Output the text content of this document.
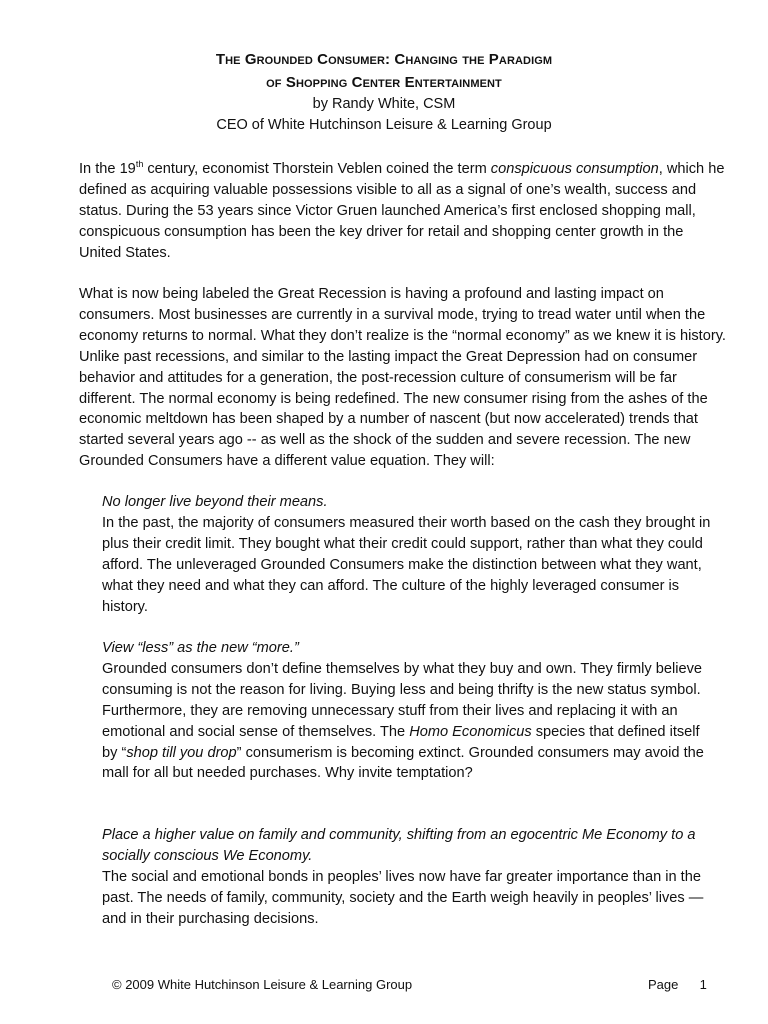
The Grounded Consumer: Changing the Paradigm
of Shopping Center Entertainment
by Randy White, CSM
CEO of White Hutchinson Leisure & Learning Group

In the 19th century, economist Thorstein Veblen coined the term conspicuous consumption, which he defined as acquiring valuable possessions visible to all as a signal of one’s wealth, success and status. During the 53 years since Victor Gruen launched America’s first enclosed shopping mall, conspicuous consumption has been the key driver for retail and shopping center growth in the United States.

What is now being labeled the Great Recession is having a profound and lasting impact on consumers. Most businesses are currently in a survival mode, trying to tread water until when the economy returns to normal. What they don’t realize is the “normal economy” as we knew it is history. Unlike past recessions, and similar to the lasting impact the Great Depression had on consumer behavior and attitudes for a generation, the post-recession culture of consumerism will be far different. The normal economy is being redefined. The new consumer rising from the ashes of the economic meltdown has been shaped by a number of nascent (but now accelerated) trends that started several years ago -- as well as the shock of the sudden and severe recession. The new Grounded Consumers have a different value equation. They will:

No longer live beyond their means.

In the past, the majority of consumers measured their worth based on the cash they brought in plus their credit limit. They bought what their credit could support, rather than what they could afford. The unleveraged Grounded Consumers make the distinction between what they want, what they need and what they can afford. The culture of the highly leveraged consumer is history.

View “less” as the new “more.”

Grounded consumers don’t define themselves by what they buy and own. They firmly believe consuming is not the reason for living. Buying less and being thrifty is the new status symbol. Furthermore, they are removing unnecessary stuff from their lives and replacing it with an emotional and social sense of themselves. The Homo Economicus species that defined itself by “shop till you drop” consumerism is becoming extinct. Grounded consumers may avoid the mall for all but needed purchases. Why invite temptation?

Place a higher value on family and community, shifting from an egocentric Me Economy to a socially conscious We Economy.

The social and emotional bonds in peoples’ lives now have far greater importance than in the past. The needs of family, community, society and the Earth weigh heavily in peoples’ lives — and in their purchasing decisions.

© 2009 White Hutchinson Leisure & Learning Group	Page 1
